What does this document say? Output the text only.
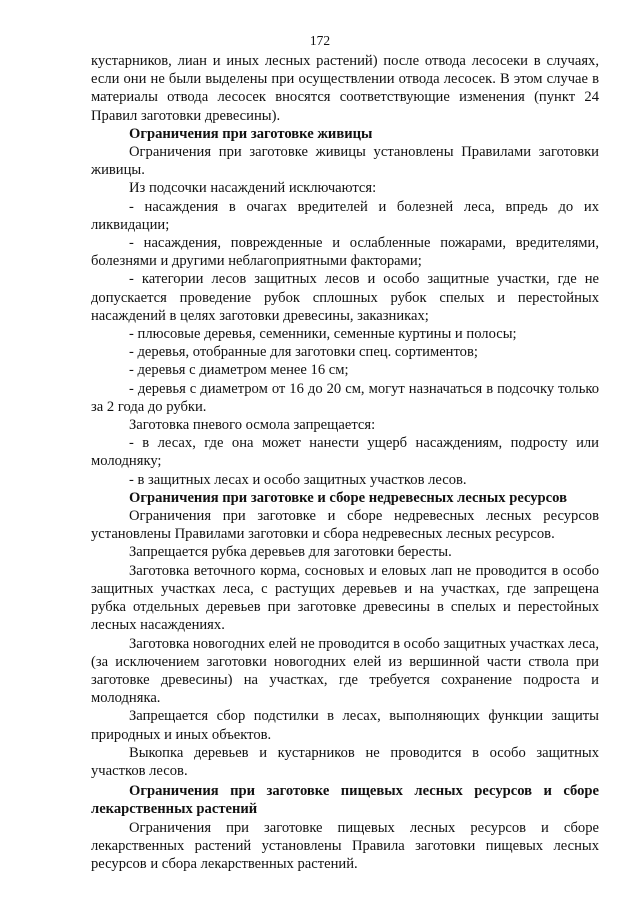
172

кустарников, лиан и иных лесных растений) после отвода лесосеки в случаях, если они не были выделены при осуществлении отвода лесосек. В этом случае в материалы отвода лесосек вносятся соответствующие изменения (пункт 24 Правил заготовки древесины).

Ограничения при заготовке живицы

Ограничения при заготовке живицы установлены Правилами заготовки живицы.

Из подсочки насаждений исключаются:

- насаждения в очагах вредителей и болезней леса, впредь до их ликвидации;

- насаждения, поврежденные и ослабленные пожарами, вредителями, болезнями и другими неблагоприятными факторами;

- категории лесов защитных лесов и особо защитные участки, где не допускается проведение рубок сплошных рубок спелых и перестойных насаждений в целях заготовки древесины, заказниках;

- плюсовые деревья, семенники, семенные куртины и полосы;

- деревья, отобранные для заготовки спец. сортиментов;

- деревья с диаметром менее 16 см;

- деревья с диаметром от 16 до 20 см, могут назначаться в подсочку только за 2 года до рубки.

Заготовка пневого осмола запрещается:

- в лесах, где она может нанести ущерб насаждениям, подросту или молодняку;

- в защитных лесах и особо защитных участков лесов.

Ограничения при заготовке и сборе недревесных лесных ресурсов

Ограничения при заготовке и сборе недревесных лесных ресурсов установлены Правилами заготовки и сбора недревесных лесных ресурсов.

Запрещается рубка деревьев для заготовки бересты.

Заготовка веточного корма, сосновых и еловых лап не проводится в особо защитных участках леса, с растущих деревьев и на участках, где запрещена рубка отдельных деревьев при заготовке древесины в спелых и перестойных лесных насаждениях.

Заготовка новогодних елей не проводится в особо защитных участках леса, (за исключением заготовки новогодних елей из вершинной части ствола при заготовке древесины) на участках, где требуется сохранение подроста и молодняка.

Запрещается сбор подстилки в лесах, выполняющих функции защиты природных и иных объектов.

Выкопка деревьев и кустарников не проводится в особо защитных участков лесов.

Ограничения при заготовке пищевых лесных ресурсов и сборе лекарственных растений

Ограничения при заготовке пищевых лесных ресурсов и сборе лекарственных растений установлены Правила заготовки пищевых лесных ресурсов и сбора лекарственных растений.
